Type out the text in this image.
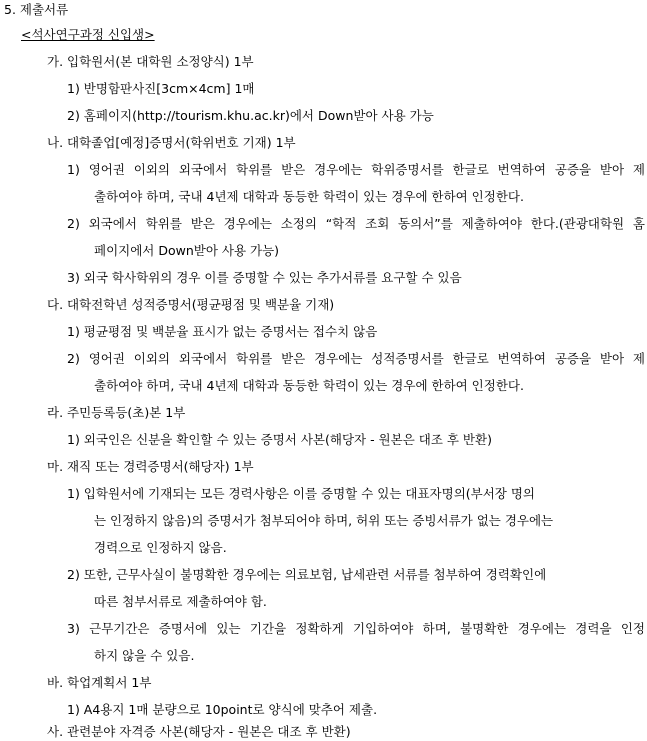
5. 제출서류
<석사연구과정 신입생>
가. 입학원서(본 대학원 소정양식) 1부
1) 반명함판사진[3cm×4cm] 1매
2) 홈페이지(http://tourism.khu.ac.kr)에서 Down받아 사용 가능
나. 대학졸업[예정]증명서(학위번호 기재) 1부
1) 영어권 이외의 외국에서 학위를 받은 경우에는 학위증명서를 한글로 번역하여 공증을 받아 제
출하여야 하며, 국내 4년제 대학과 동등한 학력이 있는 경우에 한하여 인정한다.
2) 외국에서 학위를 받은 경우에는 소정의 “학적 조회 동의서”를 제출하여야 한다.(관광대학원 홈
페이지에서 Down받아 사용 가능)
3) 외국 학사학위의 경우 이를 증명할 수 있는 추가서류를 요구할 수 있음
다. 대학전학년 성적증명서(평균평점 및 백분율 기재)
1) 평균평점 및 백분율 표시가 없는 증명서는 접수치 않음
2) 영어권 이외의 외국에서 학위를 받은 경우에는 성적증명서를 한글로 번역하여 공증을 받아 제
출하여야 하며, 국내 4년제 대학과 동등한 학력이 있는 경우에 한하여 인정한다.
라. 주민등록등(초)본 1부
1) 외국인은 신분을 확인할 수 있는 증명서 사본(해당자 - 원본은 대조 후 반환)
마. 재직 또는 경력증명서(해당자) 1부
1) 입학원서에 기재되는 모든 경력사항은 이를 증명할 수 있는 대표자명의(부서장 명의
는 인정하지 않음)의 증명서가 첨부되어야 하며, 허위 또는 증빙서류가 없는 경우에는
경력으로 인정하지 않음.
2) 또한, 근무사실이 불명확한 경우에는 의료보험, 납세관련 서류를 첨부하여 경력확인에
따른 첨부서류로 제출하여야 함.
3) 근무기간은 증명서에 있는 기간을 정확하게 기입하여야 하며, 불명확한 경우에는 경력을 인정
하지 않을 수 있음.
바. 학업계획서 1부
1) A4용지 1매 분량으로 10point로 양식에 맞추어 제출.
사. 관련분야 자격증 사본(해당자 - 원본은 대조 후 반환)
